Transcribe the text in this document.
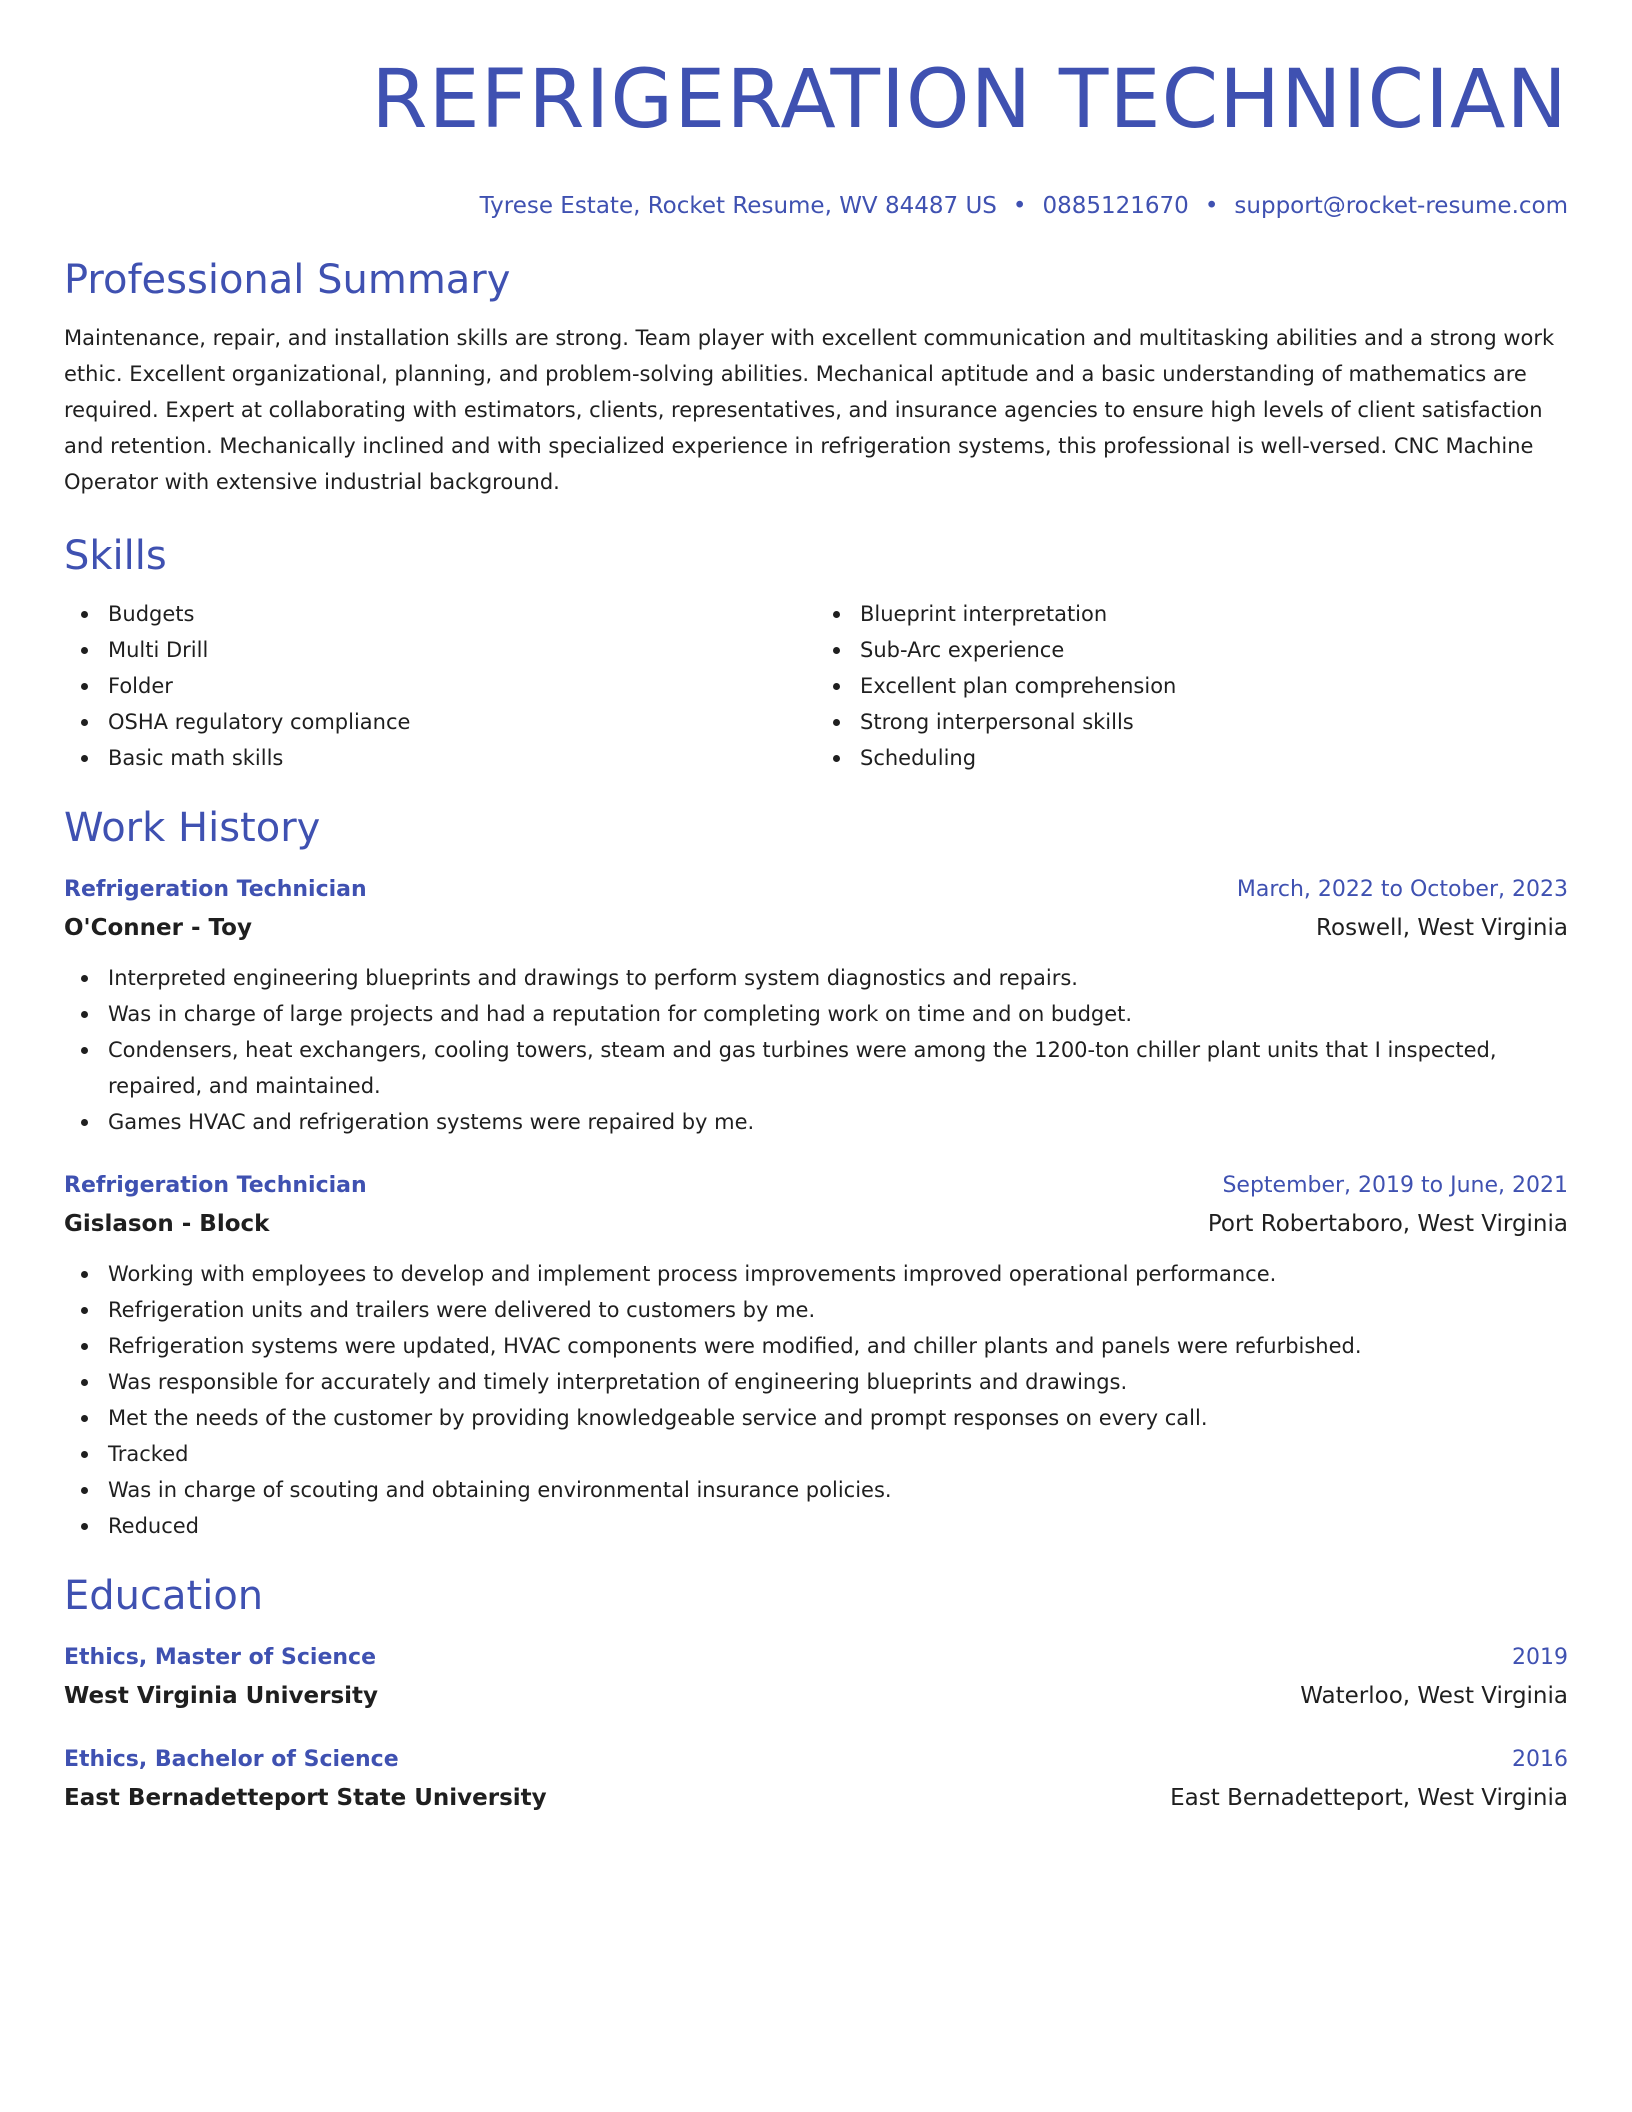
REFRIGERATION TECHNICIAN
Tyrese Estate, Rocket Resume, WV 84487 US • 0885121670 • support@rocket-resume.com
Professional Summary
Maintenance, repair, and installation skills are strong. Team player with excellent communication and multitasking abilities and a strong work ethic. Excellent organizational, planning, and problem-solving abilities. Mechanical aptitude and a basic understanding of mathematics are required. Expert at collaborating with estimators, clients, representatives, and insurance agencies to ensure high levels of client satisfaction and retention. Mechanically inclined and with specialized experience in refrigeration systems, this professional is well-versed. CNC Machine Operator with extensive industrial background.
Skills
Budgets
Multi Drill
Folder
OSHA regulatory compliance
Basic math skills
Blueprint interpretation
Sub-Arc experience
Excellent plan comprehension
Strong interpersonal skills
Scheduling
Work History
Refrigeration Technician	March, 2022 to October, 2023
O'Conner - Toy	Roswell, West Virginia
Interpreted engineering blueprints and drawings to perform system diagnostics and repairs.
Was in charge of large projects and had a reputation for completing work on time and on budget.
Condensers, heat exchangers, cooling towers, steam and gas turbines were among the 1200-ton chiller plant units that I inspected, repaired, and maintained.
Games HVAC and refrigeration systems were repaired by me.
Refrigeration Technician	September, 2019 to June, 2021
Gislason - Block	Port Robertaboro, West Virginia
Working with employees to develop and implement process improvements improved operational performance.
Refrigeration units and trailers were delivered to customers by me.
Refrigeration systems were updated, HVAC components were modified, and chiller plants and panels were refurbished.
Was responsible for accurately and timely interpretation of engineering blueprints and drawings.
Met the needs of the customer by providing knowledgeable service and prompt responses on every call.
Tracked
Was in charge of scouting and obtaining environmental insurance policies.
Reduced
Education
Ethics, Master of Science	2019
West Virginia University	Waterloo, West Virginia
Ethics, Bachelor of Science	2016
East Bernadetteport State University	East Bernadetteport, West Virginia
